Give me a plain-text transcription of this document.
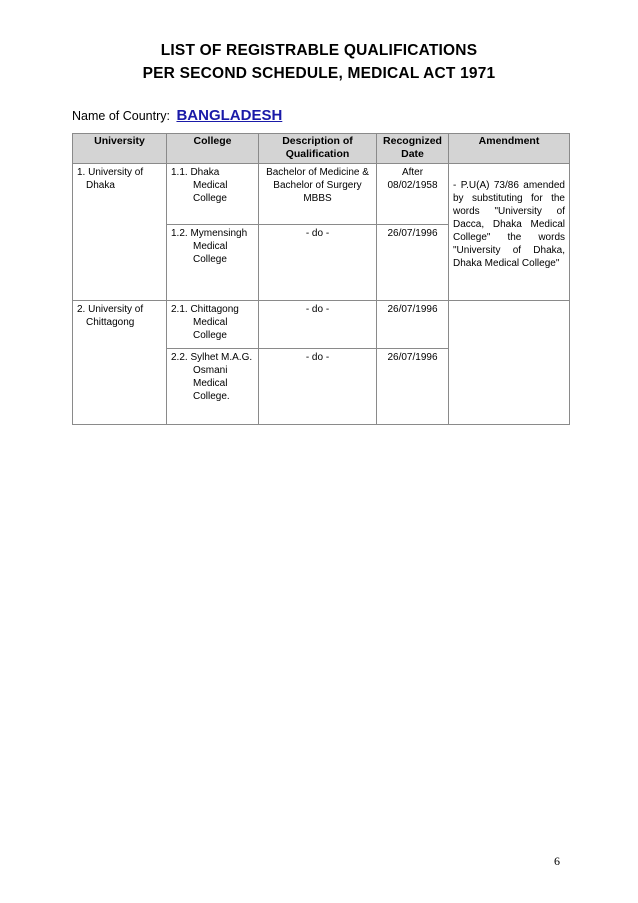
LIST OF REGISTRABLE QUALIFICATIONS
PER SECOND SCHEDULE, MEDICAL ACT 1971
Name of Country: BANGLADESH
University	College	Description of Qualification	Recognized Date	Amendment
1. University of Dhaka	1.1. Dhaka Medical College	Bachelor of Medicine & Bachelor of Surgery MBBS	After 08/02/1958	- P.U(A) 73/86 amended by substituting for the words "University of Dacca, Dhaka Medical College" the words "University of Dhaka, Dhaka Medical College"
	1.2. Mymensingh Medical College	- do -	26/07/1996	
2. University of Chittagong	2.1. Chittagong Medical College	- do -	26/07/1996	
	2.2. Sylhet M.A.G. Osmani Medical College.	- do -	26/07/1996	
6
